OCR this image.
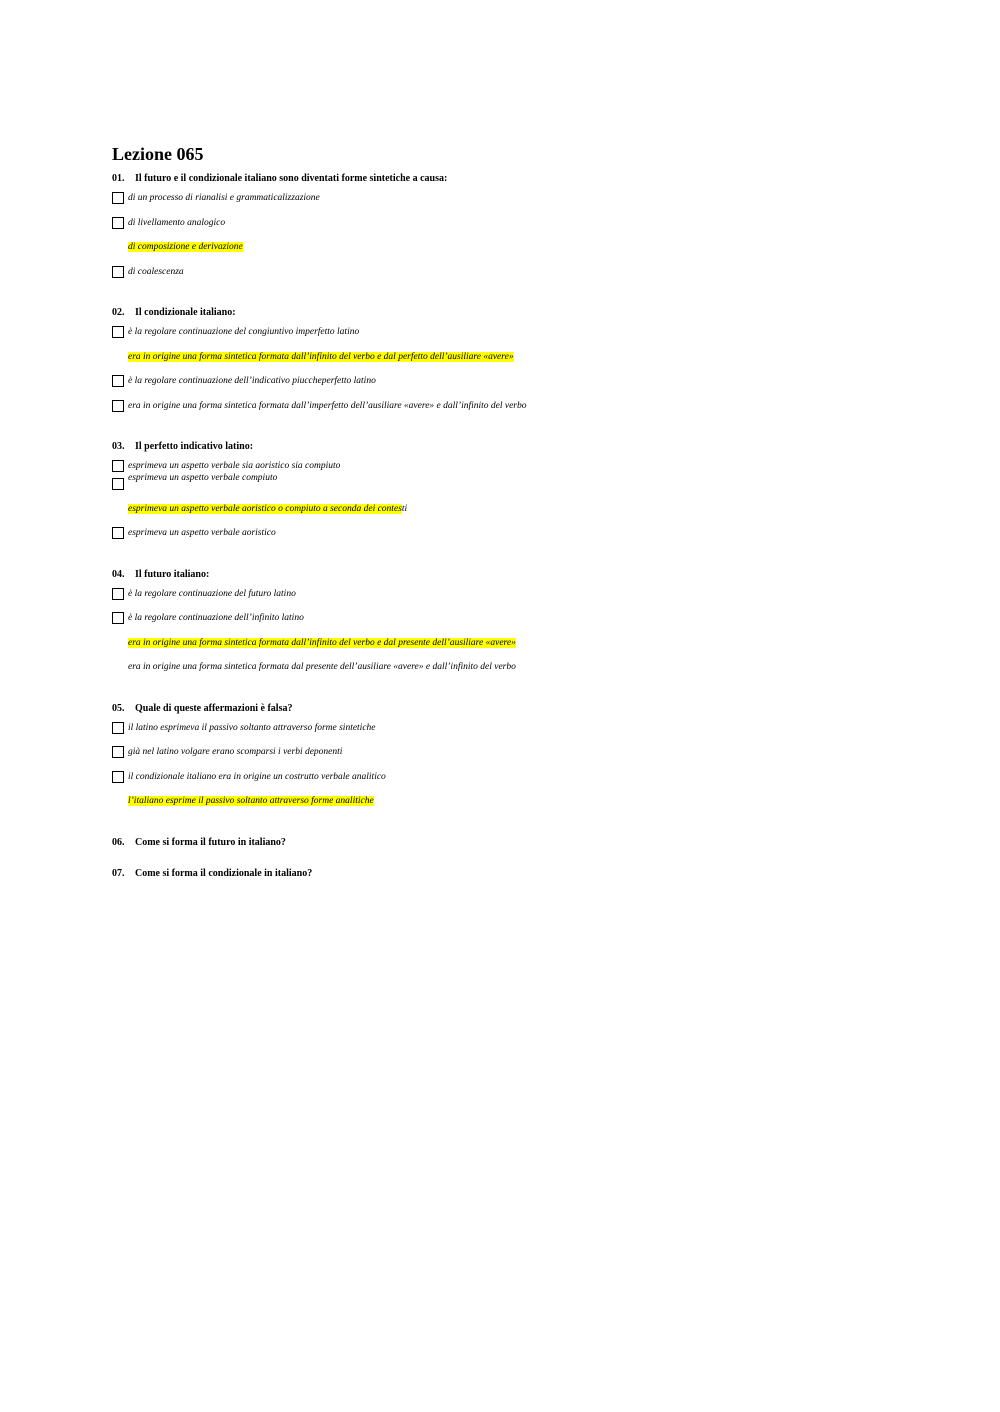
Lezione 065
01. Il futuro e il condizionale italiano sono diventati forme sintetiche a causa:
di un processo di rianalisi e grammaticalizzazione
di livellamento analogico
di composizione e derivazione
di coalescenza
02. Il condizionale italiano:
è la regolare continuazione del congiuntivo imperfetto latino
era in origine una forma sintetica formata dall’infinito del verbo e dal perfetto dell’ausiliare «avere»
è la regolare continuazione dell’indicativo piuccheperfetto latino
era in origine una forma sintetica formata dall’imperfetto dell’ausiliare «avere» e dall’infinito del verbo
03. Il perfetto indicativo latino:
esprimeva un aspetto verbale sia aoristico sia compiuto
esprimeva un aspetto verbale compiuto
esprimeva un aspetto verbale aoristico o compiuto a seconda dei contesti
esprimeva un aspetto verbale aoristico
04. Il futuro italiano:
è la regolare continuazione del futuro latino
è la regolare continuazione dell’infinito latino
era in origine una forma sintetica formata dall’infinito del verbo e dal presente dell’ausiliare «avere»
era in origine una forma sintetica formata dal presente dell’ausiliare «avere» e dall’infinito del verbo
05. Quale di queste affermazioni è falsa?
il latino esprimeva il passivo soltanto attraverso forme sintetiche
già nel latino volgare erano scomparsi i verbi deponenti
il condizionale italiano era in origine un costrutto verbale analitico
l’italiano esprime il passivo soltanto attraverso forme analitiche
06. Come si forma il futuro in italiano?
07. Come si forma il condizionale in italiano?
